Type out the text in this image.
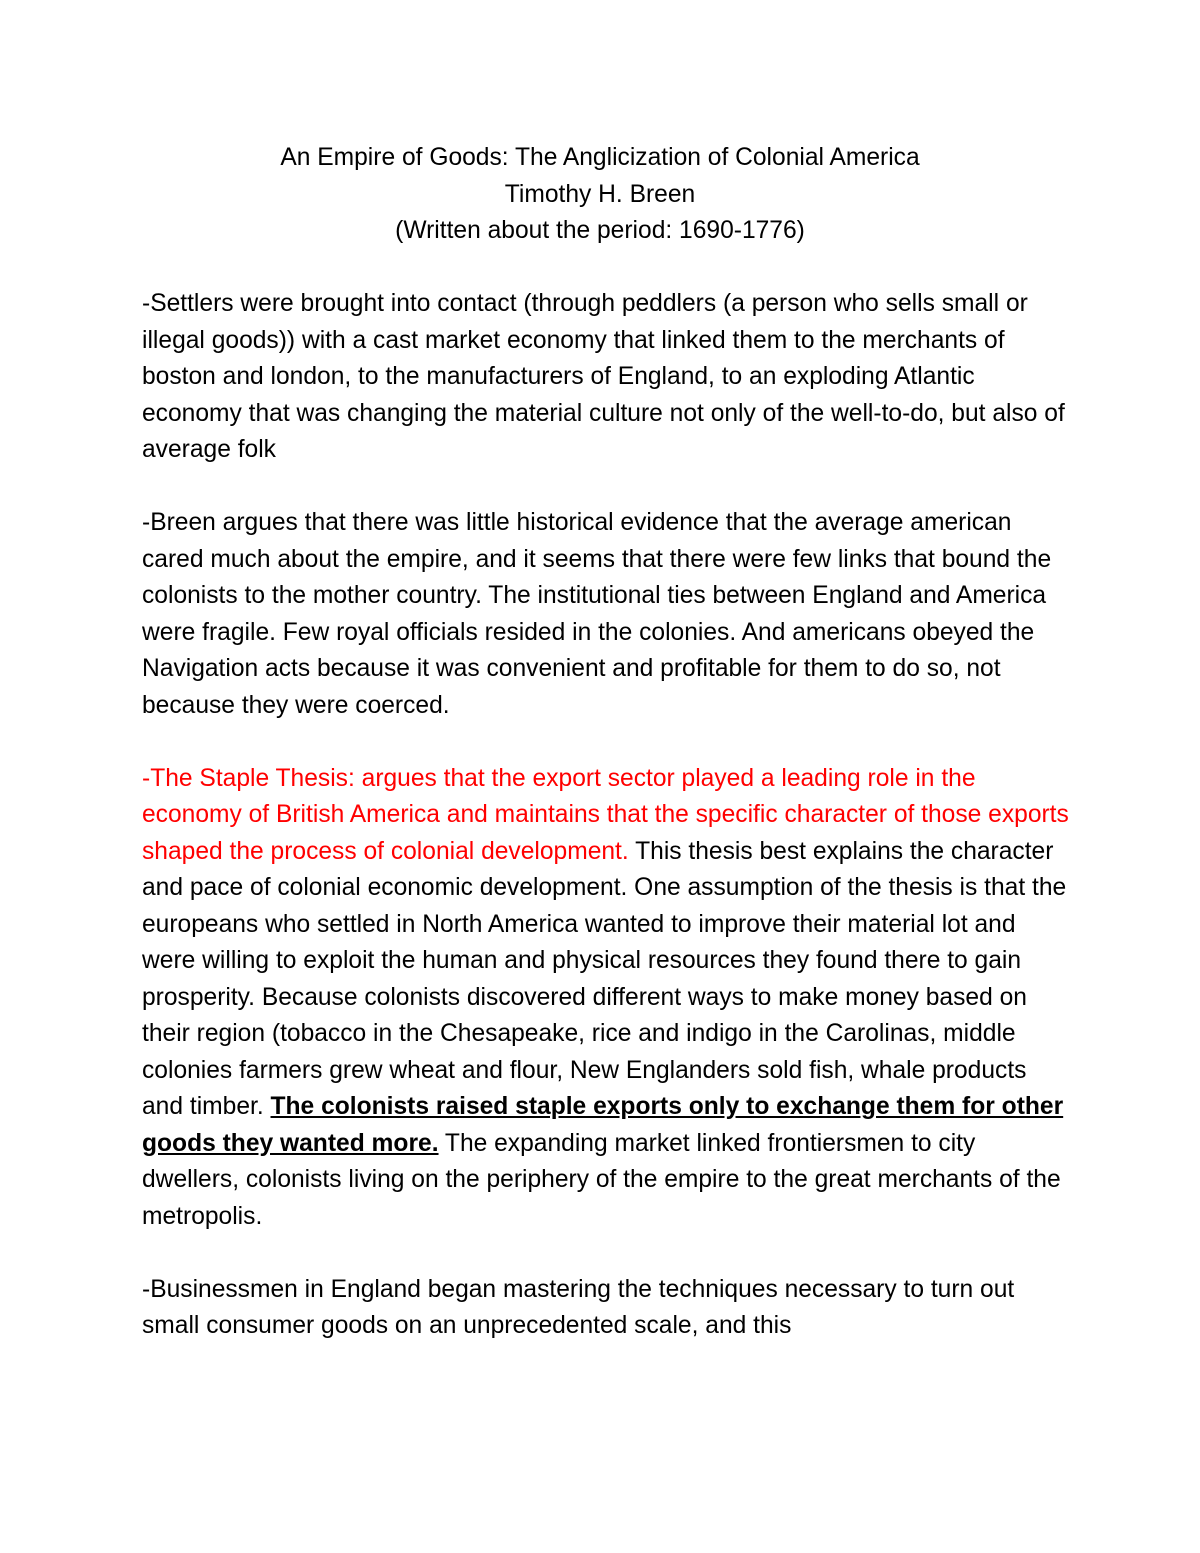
An Empire of Goods: The Anglicization of Colonial America
Timothy H. Breen
(Written about the period: 1690-1776)

-Settlers were brought into contact (through peddlers (a person who sells small or illegal goods)) with a cast market economy that linked them to the merchants of boston and london, to the manufacturers of England, to an exploding Atlantic economy that was changing the material culture not only of the well-to-do, but also of average folk

-Breen argues that there was little historical evidence that the average american cared much about the empire, and it seems that there were few links that bound the colonists to the mother country. The institutional ties between England and America were fragile. Few royal officials resided in the colonies. And americans obeyed the Navigation acts because it was convenient and profitable for them to do so, not because they were coerced.

-The Staple Thesis: argues that the export sector played a leading role in the economy of British America and maintains that the specific character of those exports shaped the process of colonial development. This thesis best explains the character and pace of colonial economic development. One assumption of the thesis is that the europeans who settled in North America wanted to improve their material lot and were willing to exploit the human and physical resources they found there to gain prosperity. Because colonists discovered different ways to make money based on their region (tobacco in the Chesapeake, rice and indigo in the Carolinas, middle colonies farmers grew wheat and flour, New Englanders sold fish, whale products and timber. The colonists raised staple exports only to exchange them for other goods they wanted more. The expanding market linked frontiersmen to city dwellers, colonists living on the periphery of the empire to the great merchants of the metropolis.

-Businessmen in England began mastering the techniques necessary to turn out small consumer goods on an unprecedented scale, and this
